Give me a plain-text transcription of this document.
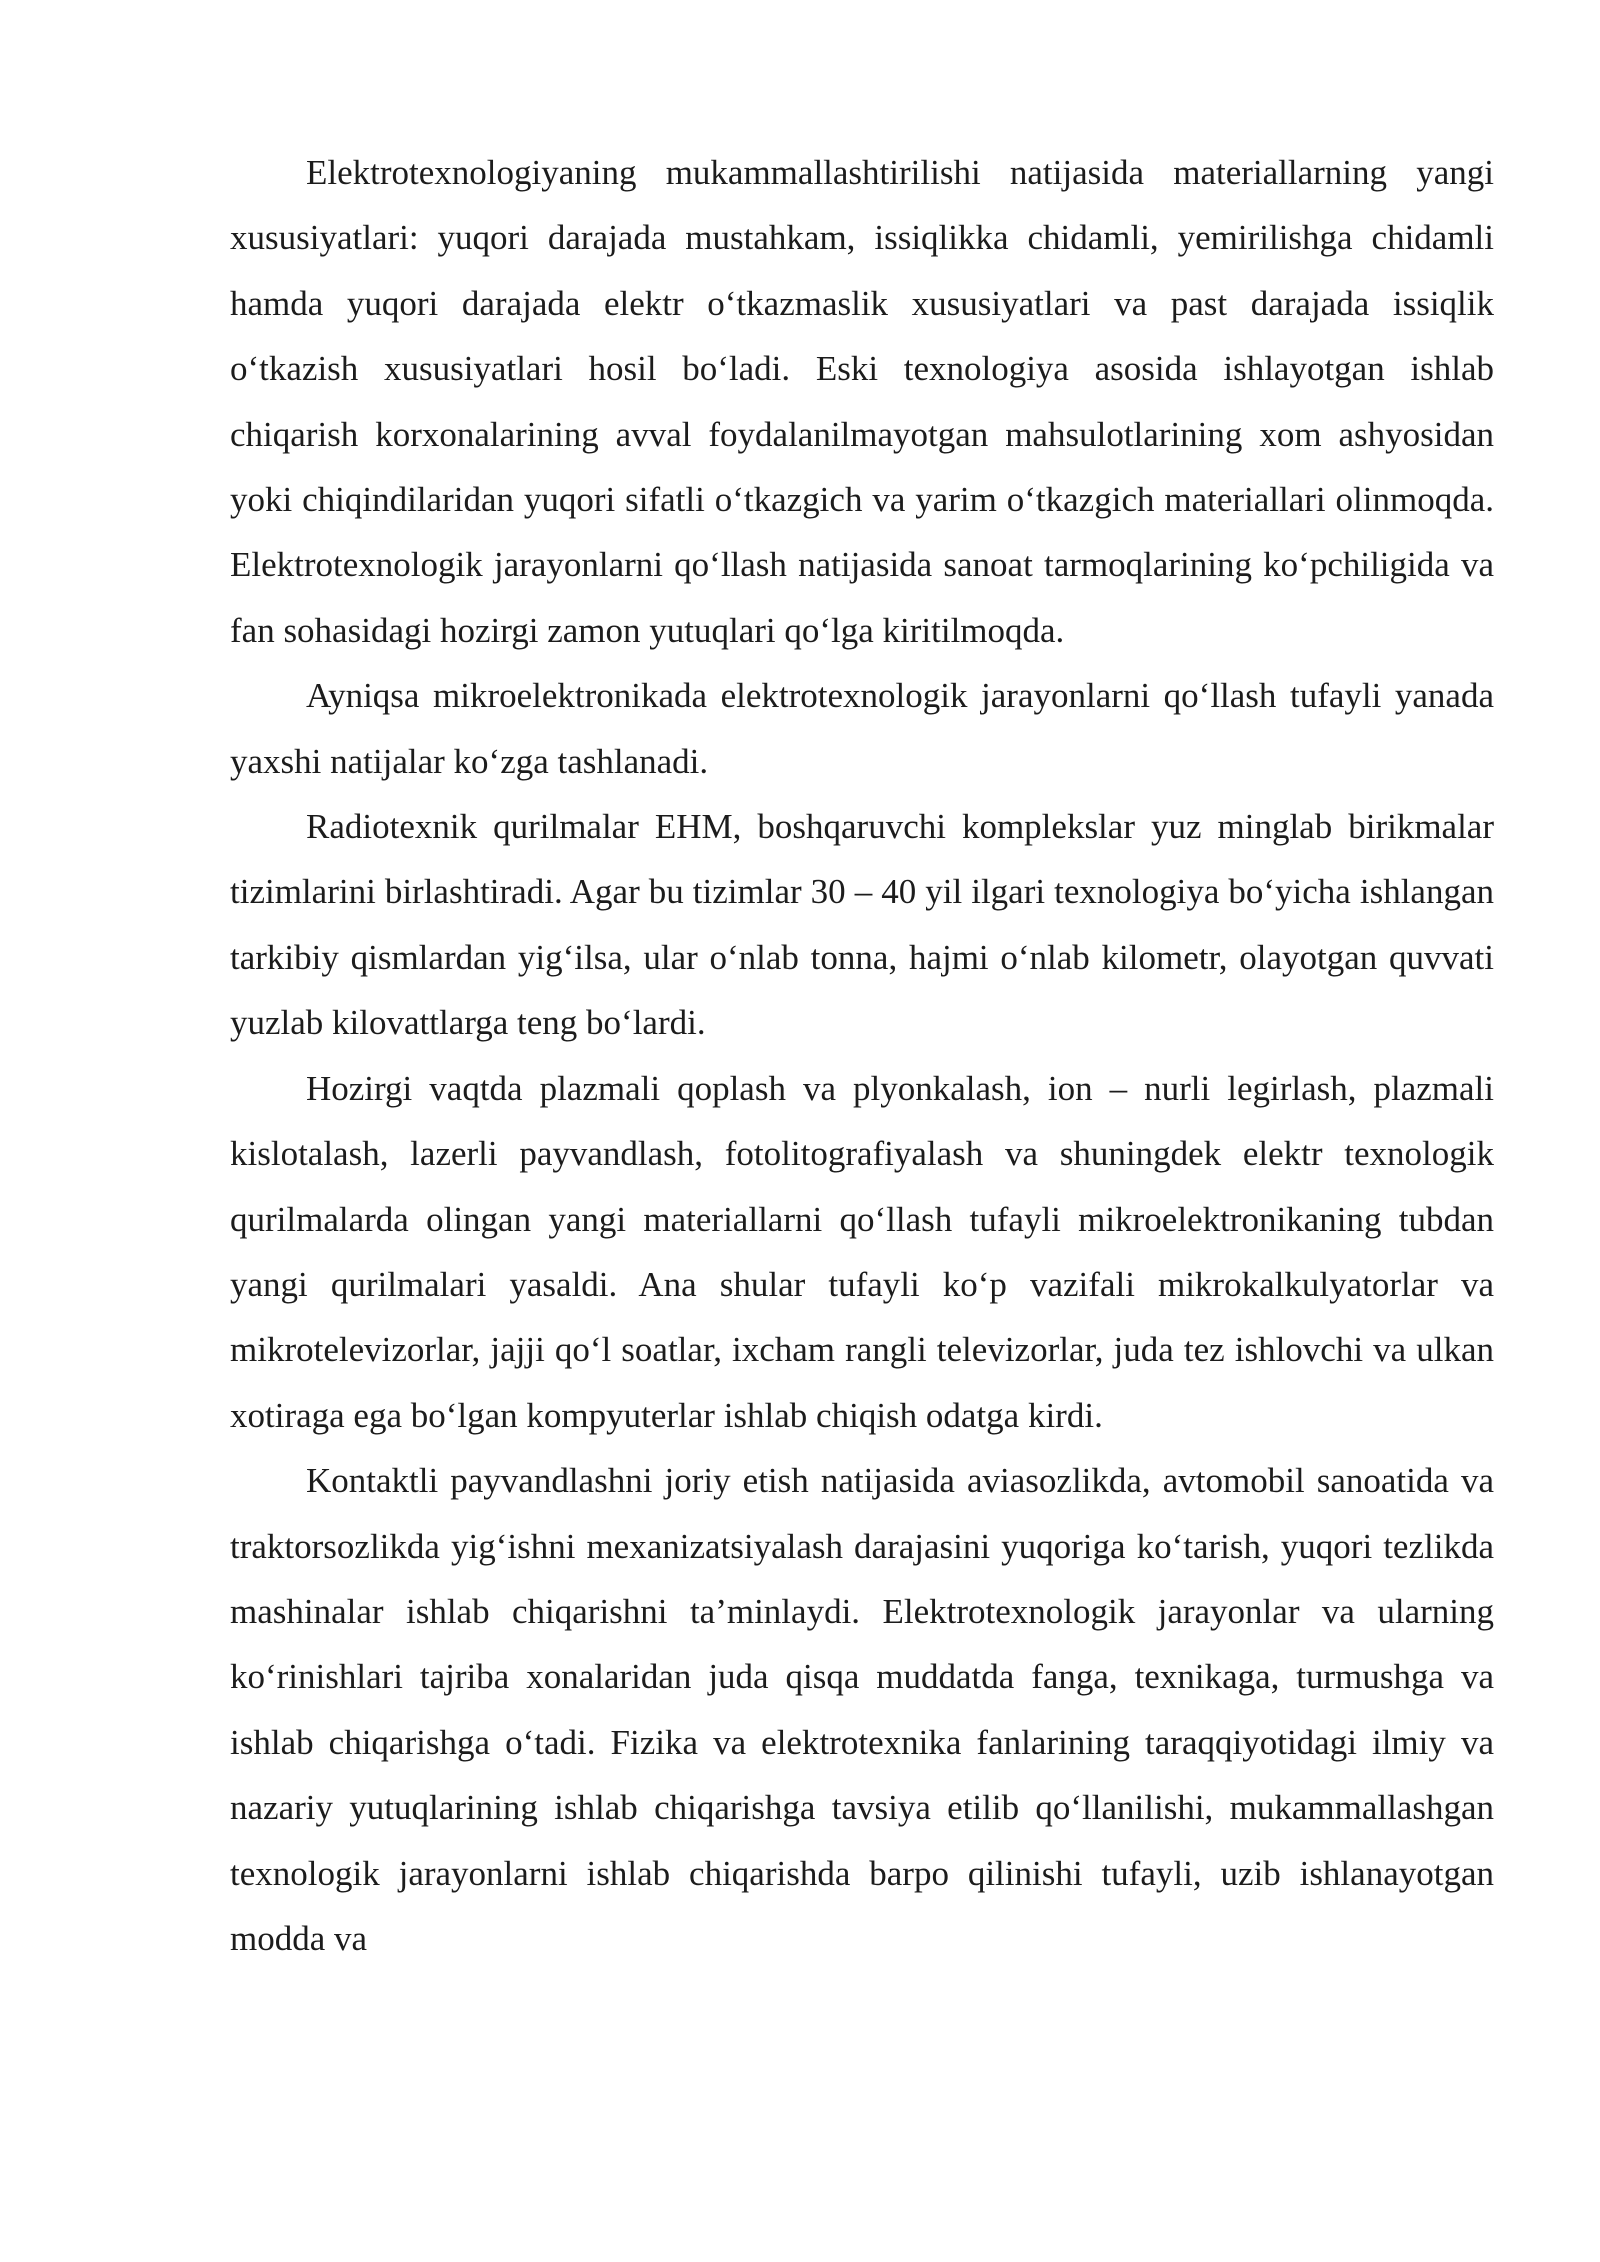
Elektrotexnologiyaning mukammallashtirilishi natijasida materiallarning yangi xususiyatlari: yuqori darajada mustahkam, issiqlikka chidamli, yemirilishga chidamli hamda yuqori darajada elektr o‘tkazmaslik xususiyatlari va past darajada issiqlik o‘tkazish xususiyatlari hosil bo‘ladi. Eski texnologiya asosida ishlayotgan ishlab chiqarish korxonalarining avval foydalanilmayotgan mahsulotlarining xom ashyosidan yoki chiqindilaridan yuqori sifatli o‘tkazgich va yarim o‘tkazgich materiallari olinmoqda. Elektrotexnologik jarayonlarni qo‘llash natijasida sanoat tarmoqlarining ko‘pchiligida va fan sohasidagi hozirgi zamon yutuqlari qo‘lga kiritilmoqda.

Ayniqsa mikroelektronikada elektrotexnologik jarayonlarni qo‘llash tufayli yanada yaxshi natijalar ko‘zga tashlanadi.

Radiotexnik qurilmalar EHM, boshqaruvchi komplekslar yuz minglab birikmalar tizimlarini birlashtiradi. Agar bu tizimlar 30 – 40 yil ilgari texnologiya bo‘yicha ishlangan tarkibiy qismlardan yig‘ilsa, ular o‘nlab tonna, hajmi o‘nlab kilometr, olayotgan quvvati yuzlab kilovattlarga teng bo‘lardi.

Hozirgi vaqtda plazmali qoplash va plyonkalash, ion – nurli legirlash, plazmali kislotalash, lazerli payvandlash, fotolitografiyalash va shuningdek elektr texnologik qurilmalarda olingan yangi materiallarni qo‘llash tufayli mikroelektronikaning tubdan yangi qurilmalari yasaldi. Ana shular tufayli ko‘p vazifali mikrokalkulyatorlar va mikrotelevizorlar, jajji qo‘l soatlar, ixcham rangli televizorlar, juda tez ishlovchi va ulkan xotiraga ega bo‘lgan kompyuterlar ishlab chiqish odatga kirdi.

Kontaktli payvandlashni joriy etish natijasida aviasozlikda, avtomobil sanoatida va traktorsozlikda yig‘ishni mexanizatsiyalash darajasini yuqoriga ko‘tarish, yuqori tezlikda mashinalar ishlab chiqarishni ta’minlaydi. Elektrotexnologik jarayonlar va ularning ko‘rinishlari tajriba xonalaridan juda qisqa muddatda fanga, texnikaga, turmushga va ishlab chiqarishga o‘tadi. Fizika va elektrotexnika fanlarining taraqqiyotidagi ilmiy va nazariy yutuqlarining ishlab chiqarishga tavsiya etilib qo‘llanilishi, mukammallashgan texnologik jarayonlarni ishlab chiqarishda barpo qilinishi tufayli, uzib ishlanayotgan modda va
